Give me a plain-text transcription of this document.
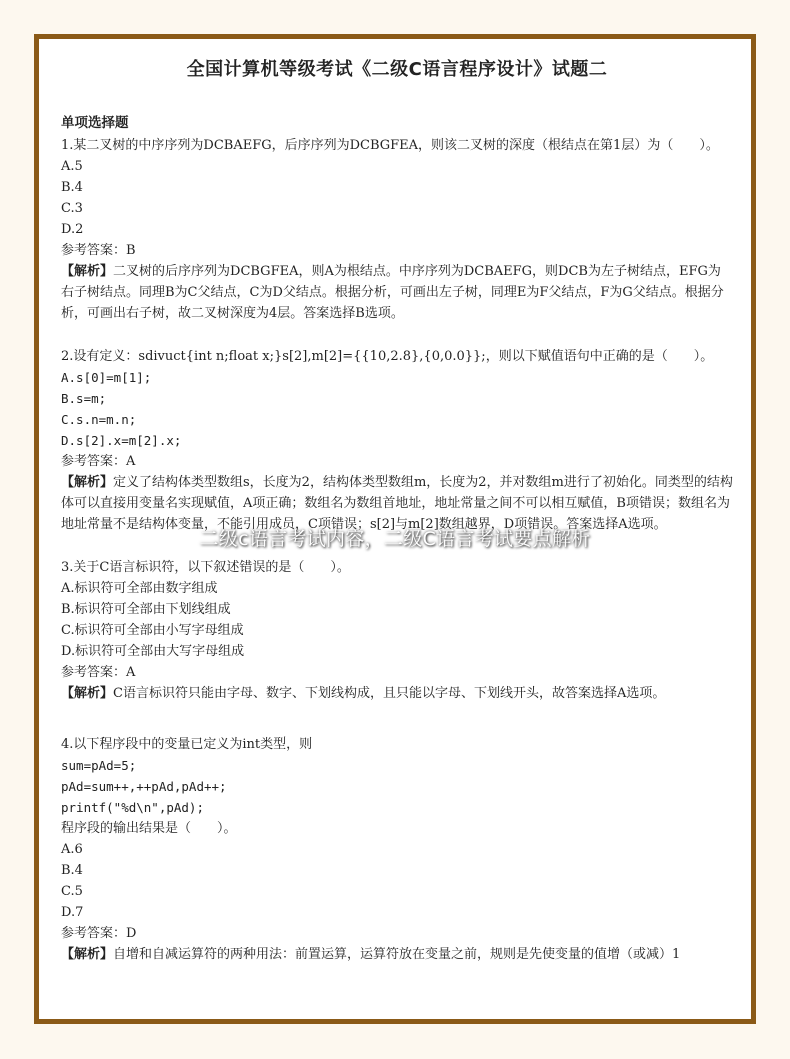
全国计算机等级考试《二级C语言程序设计》试题二
单项选择题
1.某二叉树的中序序列为DCBAEFG，后序序列为DCBGFEA，则该二叉树的深度（根结点在第1层）为（　　）。
A.5
B.4
C.3
D.2
参考答案：B
【解析】二叉树的后序序列为DCBGFEA，则A为根结点。中序序列为DCBAEFG，则DCB为左子树结点，EFG为右子树结点。同理B为C父结点，C为D父结点。根据分析，可画出左子树，同理E为F父结点，F为G父结点。根据分析，可画出右子树，故二叉树深度为4层。答案选择B选项。
2.设有定义：sdivuct{int n;float x;}s[2],m[2]={{10,2.8},{0,0.0}};，则以下赋值语句中正确的是（　　）。
A.s[0]=m[1];
B.s=m;
C.s.n=m.n;
D.s[2].x=m[2].x;
参考答案：A
【解析】定义了结构体类型数组s，长度为2，结构体类型数组m，长度为2，并对数组m进行了初始化。同类型的结构体可以直接用变量名实现赋值，A项正确；数组名为数组首地址，地址常量之间不可以相互赋值，B项错误；数组名为地址常量不是结构体变量，不能引用成员，C项错误；s[2]与m[2]数组越界，D项错误。答案选择A选项。
3.关于C语言标识符，以下叙述错误的是（　　）。
A.标识符可全部由数字组成
B.标识符可全部由下划线组成
C.标识符可全部由小写字母组成
D.标识符可全部由大写字母组成
参考答案：A
【解析】C语言标识符只能由字母、数字、下划线构成，且只能以字母、下划线开头，故答案选择A选项。
4.以下程序段中的变量已定义为int类型，则
sum=pAd=5;
pAd=sum++,++pAd,pAd++;
printf("%d\n",pAd);
程序段的输出结果是（　　）。
A.6
B.4
C.5
D.7
参考答案：D
【解析】自增和自减运算符的两种用法：前置运算，运算符放在变量之前，规则是先使变量的值增（或减）1
二级c语言考试内容，二级C语言考试要点解析
